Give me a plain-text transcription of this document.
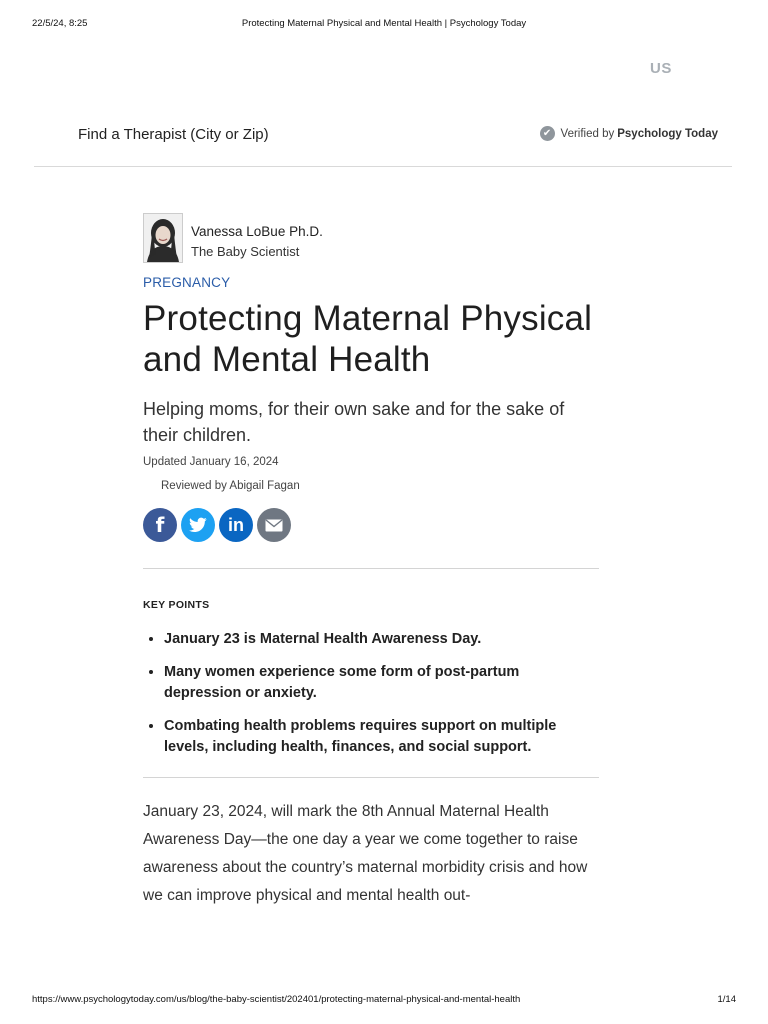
22/5/24, 8:25	Protecting Maternal Physical and Mental Health | Psychology Today
US
Find a Therapist (City or Zip)	✔ Verified by Psychology Today
Vanessa LoBue Ph.D.
The Baby Scientist
PREGNANCY
Protecting Maternal Physical and Mental Health
Helping moms, for their own sake and for the sake of their children.
Updated January 16, 2024
Reviewed by Abigail Fagan
f	in
KEY POINTS
• January 23 is Maternal Health Awareness Day.
• Many women experience some form of post-partum depression or anxiety.
• Combating health problems requires support on multiple levels, including health, finances, and social support.
January 23, 2024, will mark the 8th Annual Maternal Health Awareness Day—the one day a year we come together to raise awareness about the country’s maternal morbidity crisis and how we can improve physical and mental health out-
https://www.psychologytoday.com/us/blog/the-baby-scientist/202401/protecting-maternal-physical-and-mental-health	1/14
